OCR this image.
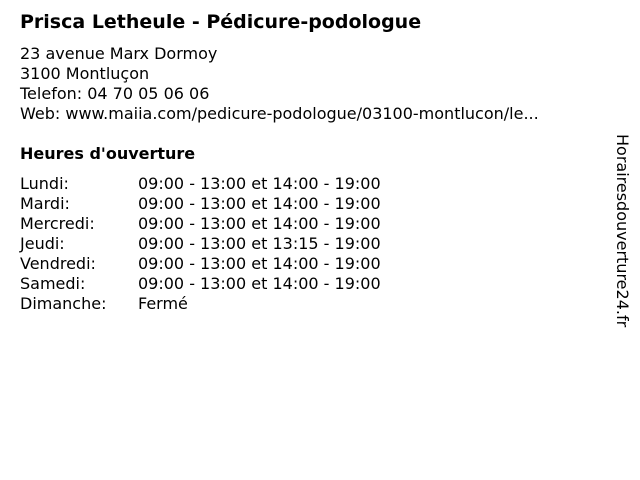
Prisca Letheule - Pédicure-podologue
23 avenue Marx Dormoy
3100 Montluçon
Telefon: 04 70 05 06 06
Web: www.maiia.com/pedicure-podologue/03100-montlucon/le...
Heures d'ouverture
Lundi:	09:00 - 13:00 et 14:00 - 19:00
Mardi:	09:00 - 13:00 et 14:00 - 19:00
Mercredi:	09:00 - 13:00 et 14:00 - 19:00
Jeudi:	09:00 - 13:00 et 13:15 - 19:00
Vendredi:	09:00 - 13:00 et 14:00 - 19:00
Samedi:	09:00 - 13:00 et 14:00 - 19:00
Dimanche:	Fermé	Horairesdouverture24.fr
